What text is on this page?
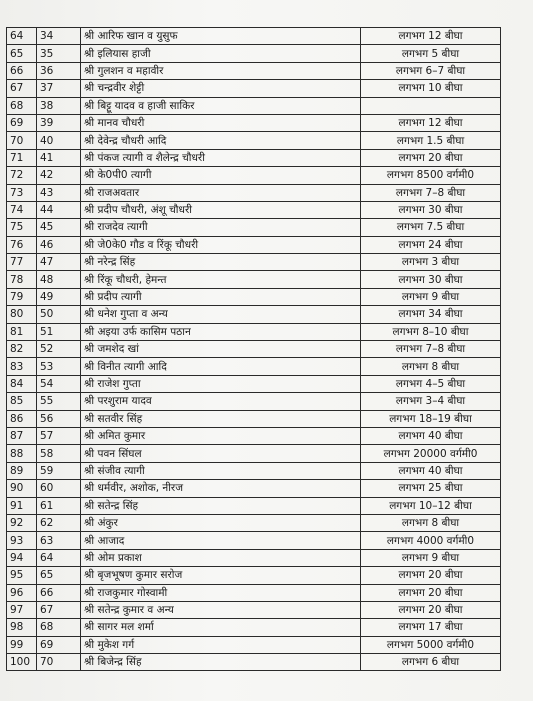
64	34	श्री आरिफ खान व युसुफ	लगभग 12 बीघा
65	35	श्री इलियास हाजी	लगभग 5 बीघा
66	36	श्री गुलशन व महावीर	लगभग 6–7 बीघा
67	37	श्री चन्द्रवीर शेट्टी	लगभग 10 बीघा
68	38	श्री बिट्टू यादव व हाजी साकिर	
69	39	श्री मानव चौधरी	लगभग 12 बीघा
70	40	श्री देवेन्द्र चौधरी आदि	लगभग 1.5 बीघा
71	41	श्री पंकज त्यागी व शैलेन्द्र चौधरी	लगभग 20 बीघा
72	42	श्री के0पी0 त्यागी	लगभग 8500 वर्गमी0
73	43	श्री राजअवतार	लगभग 7–8 बीघा
74	44	श्री प्रदीप चौधरी, अंशू चौधरी	लगभग 30 बीघा
75	45	श्री राजदेव त्यागी	लगभग 7.5 बीघा
76	46	श्री जे0के0 गौड व रिंकू चौधरी	लगभग 24 बीघा
77	47	श्री नरेन्द्र सिंह	लगभग 3 बीघा
78	48	श्री रिंकू चौधरी, हेमन्त	लगभग 30 बीघा
79	49	श्री प्रदीप त्यागी	लगभग 9 बीघा
80	50	श्री धनेश गुप्ता व अन्य	लगभग 34 बीघा
81	51	श्री अइया उर्फ कासिम पठान	लगभग 8–10 बीघा
82	52	श्री जमशेद खां	लगभग 7–8 बीघा
83	53	श्री विनीत त्यागी आदि	लगभग 8 बीघा
84	54	श्री राजेश गुप्ता	लगभग 4–5 बीघा
85	55	श्री परशुराम यादव	लगभग 3–4 बीघा
86	56	श्री सतवीर सिंह	लगभग 18–19 बीघा
87	57	श्री अमित कुमार	लगभग 40 बीघा
88	58	श्री पवन सिंघल	लगभग 20000 वर्गमी0
89	59	श्री संजीव त्यागी	लगभग 40 बीघा
90	60	श्री धर्मवीर, अशोक, नीरज	लगभग 25 बीघा
91	61	श्री सतेन्द्र सिंह	लगभग 10–12 बीघा
92	62	श्री अंकुर	लगभग 8 बीघा
93	63	श्री आजाद	लगभग 4000 वर्गमी0
94	64	श्री ओम प्रकाश	लगभग 9 बीघा
95	65	श्री बृजभूषण कुमार सरोज	लगभग 20 बीघा
96	66	श्री राजकुमार गोस्वामी	लगभग 20 बीघा
97	67	श्री सतेन्द्र कुमार व अन्य	लगभग 20 बीघा
98	68	श्री सागर मल शर्मा	लगभग 17 बीघा
99	69	श्री मुकेश गर्ग	लगभग 5000 वर्गमी0
100	70	श्री बिजेन्द्र सिंह	लगभग 6 बीघा
